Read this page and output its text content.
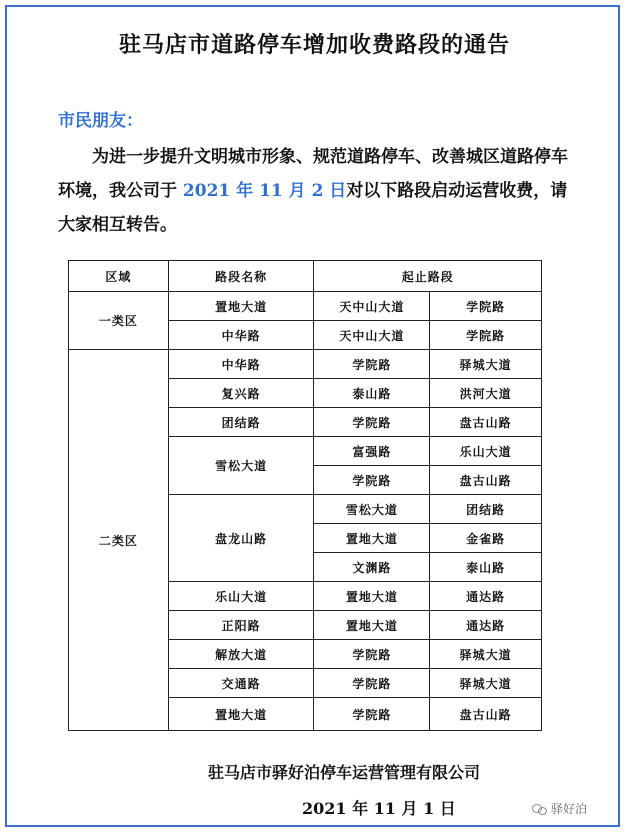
驻马店市道路停车增加收费路段的通告
市民朋友：
为进一步提升文明城市形象、规范道路停车、改善城区道路停车环境，我公司于 2021 年 11 月 2 日对以下路段启动运营收费，请大家相互转告。
区域	路段名称	起止路段	
一类区	置地大道	天中山大道	学院路
	中华路	天中山大道	学院路
二类区	中华路	学院路	驿城大道
	复兴路	泰山路	洪河大道
	团结路	学院路	盘古山路
	雪松大道	富强路	乐山大道
		学院路	盘古山路
	盘龙山路	雪松大道	团结路
		置地大道	金雀路
		文渊路	泰山路
	乐山大道	置地大道	通达路
	正阳路	置地大道	通达路
	解放大道	学院路	驿城大道
	交通路	学院路	驿城大道
	置地大道	学院路	盘古山路
驻马店市驿好泊停车运营管理有限公司
2021 年 11 月 1 日	驿好泊
